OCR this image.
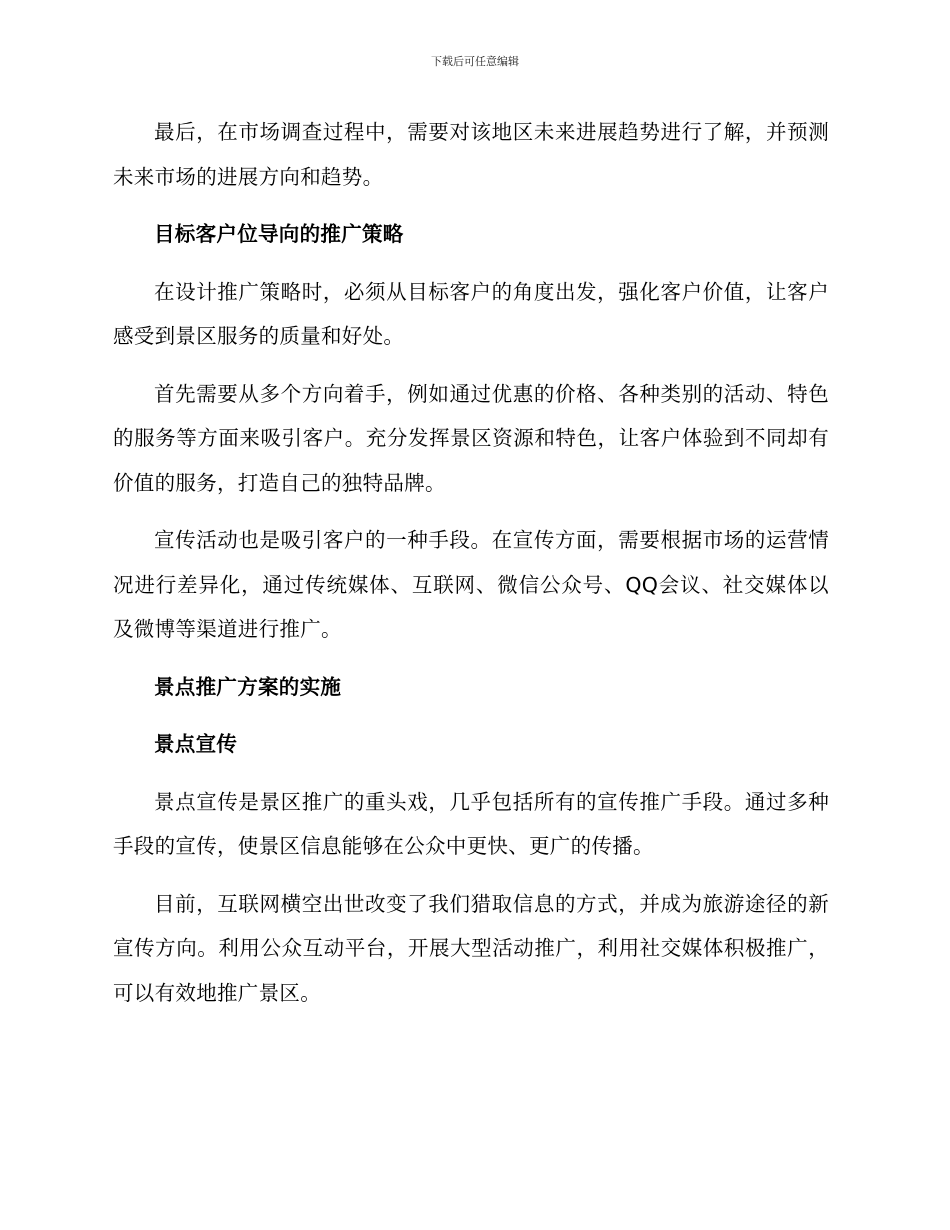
下载后可任意编辑

最后，在市场调查过程中，需要对该地区未来进展趋势进行了解，并预测未来市场的进展方向和趋势。

目标客户位导向的推广策略

在设计推广策略时，必须从目标客户的角度出发，强化客户价值，让客户感受到景区服务的质量和好处。

首先需要从多个方向着手，例如通过优惠的价格、各种类别的活动、特色的服务等方面来吸引客户。充分发挥景区资源和特色，让客户体验到不同却有价值的服务，打造自己的独特品牌。

宣传活动也是吸引客户的一种手段。在宣传方面，需要根据市场的运营情况进行差异化，通过传统媒体、互联网、微信公众号、QQ会议、社交媒体以及微博等渠道进行推广。

景点推广方案的实施

景点宣传

景点宣传是景区推广的重头戏，几乎包括所有的宣传推广手段。通过多种手段的宣传，使景区信息能够在公众中更快、更广的传播。

目前，互联网横空出世改变了我们猎取信息的方式，并成为旅游途径的新宣传方向。利用公众互动平台，开展大型活动推广，利用社交媒体积极推广，可以有效地推广景区。
